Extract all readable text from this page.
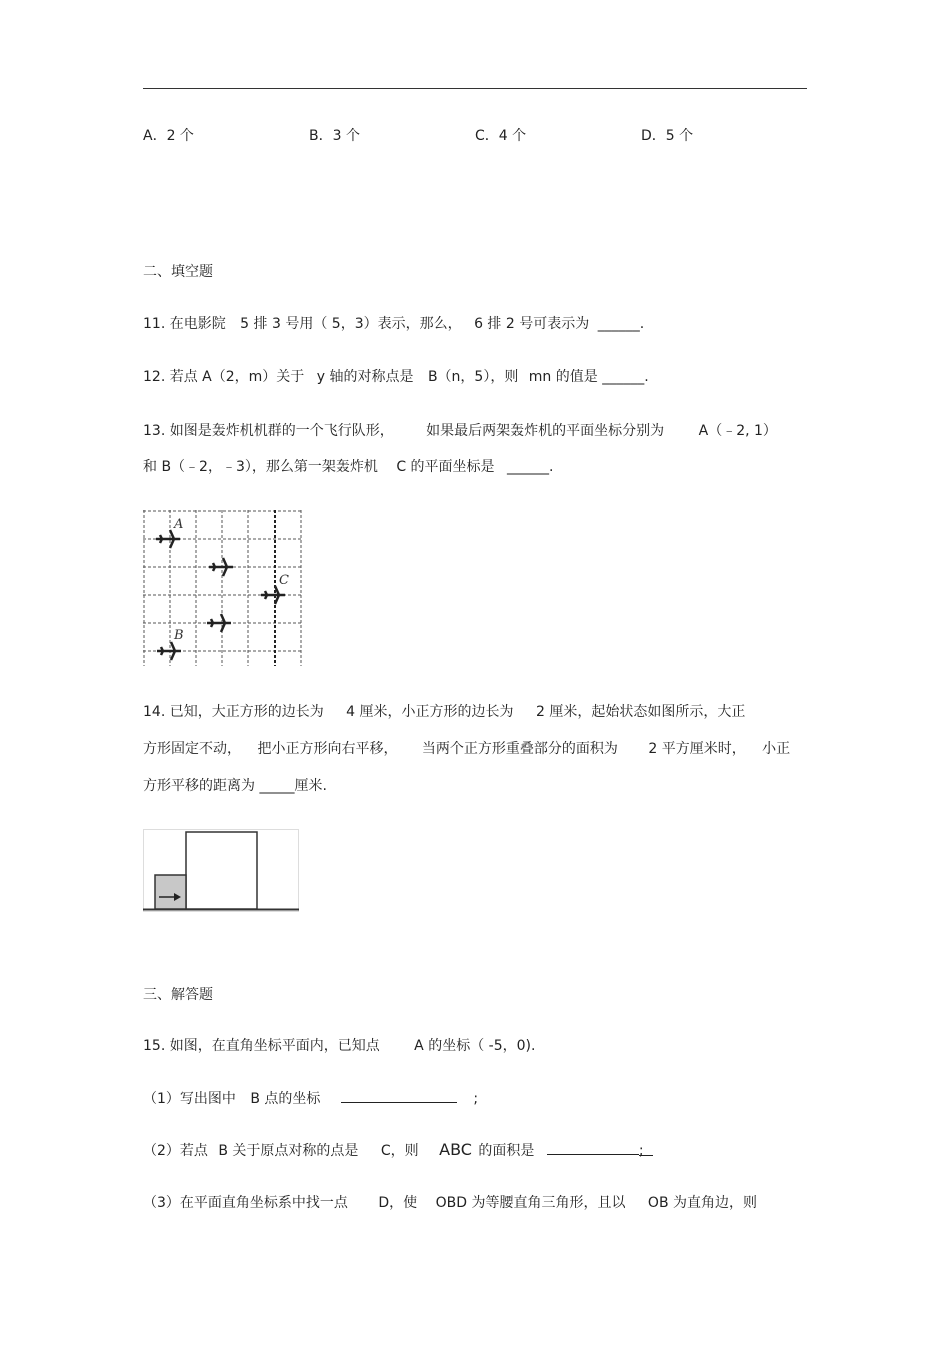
A．2 个	B．3 个	C．4 个	D．5 个
二、填空题
11. 在电影院 5 排 3 号用（ 5，3）表示，那么， 6 排 2 号可表示为 ______.
12. 若点 A（2，m）关于 y 轴的对称点是 B（n，5），则 mn 的值是 ______.
13. 如图是轰炸机机群的一个飞行队形， 如果最后两架轰炸机的平面坐标分别为 A（﹣2, 1）
和 B（﹣2，﹣3），那么第一架轰炸机 C 的平面坐标是 ______.
A
C
B
14. 已知，大正方形的边长为 4 厘米，小正方形的边长为 2 厘米，起始状态如图所示，大正
方形固定不动， 把小正方形向右平移， 当两个正方形重叠部分的面积为 2 平方厘米时， 小正
方形平移的距离为 _____厘米.
三、解答题
15. 如图，在直角坐标平面内，已知点 A 的坐标（ -5，0).
（1）写出图中 B 点的坐标	;
（2）若点 B 关于原点对称的点是 C，则 ABC 的面积是	;
（3）在平面直角坐标系中找一点 D，使 OBD 为等腰直角三角形，且以 OB 为直角边，则
